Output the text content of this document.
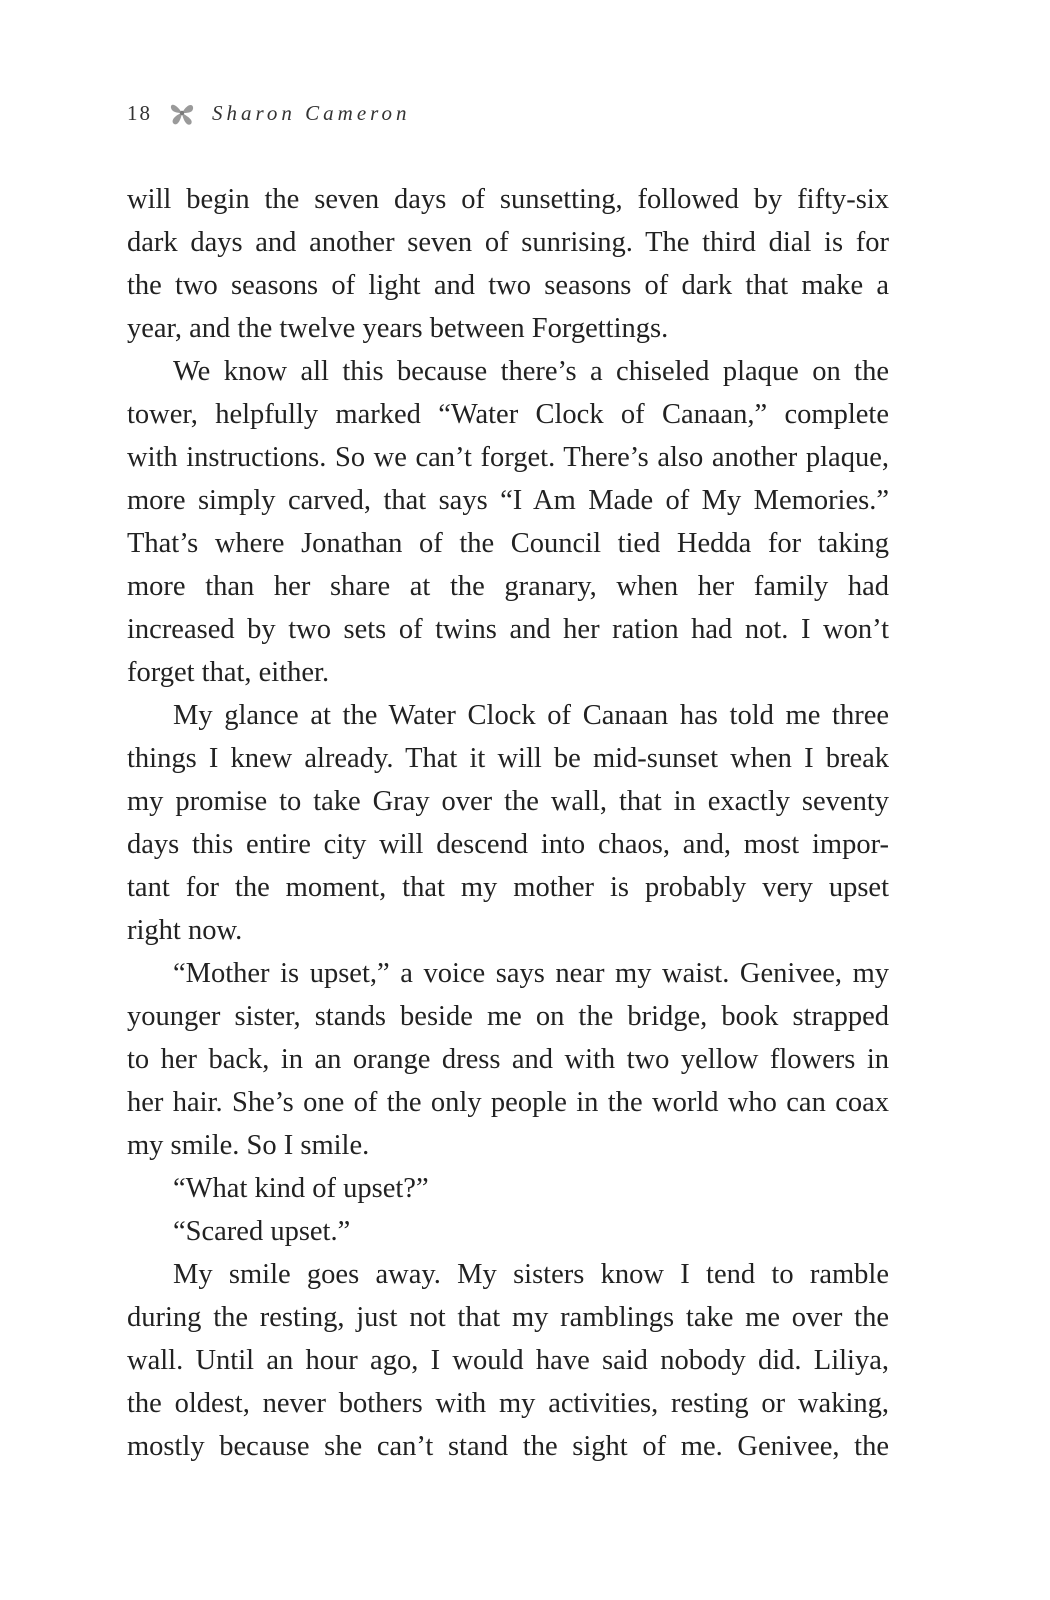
18	Sharon Cameron
will begin the seven days of sunsetting, followed by fifty-six
dark days and another seven of sunrising. The third dial is for
the two seasons of light and two seasons of dark that make a
year, and the twelve years between Forgettings.
We know all this because there’s a chiseled plaque on the
tower, helpfully marked “Water Clock of Canaan,” complete
with instructions. So we can’t forget. There’s also another plaque,
more simply carved, that says “I Am Made of My Memories.”
That’s where Jonathan of the Council tied Hedda for taking
more than her share at the granary, when her family had
increased by two sets of twins and her ration had not. I won’t
forget that, either.
My glance at the Water Clock of Canaan has told me three
things I knew already. That it will be mid-sunset when I break
my promise to take Gray over the wall, that in exactly seventy
days this entire city will descend into chaos, and, most impor-
tant for the moment, that my mother is probably very upset
right now.
“Mother is upset,” a voice says near my waist. Genivee, my
younger sister, stands beside me on the bridge, book strapped
to her back, in an orange dress and with two yellow flowers in
her hair. She’s one of the only people in the world who can coax
my smile. So I smile.
“What kind of upset?”
“Scared upset.”
My smile goes away. My sisters know I tend to ramble
during the resting, just not that my ramblings take me over the
wall. Until an hour ago, I would have said nobody did. Liliya,
the oldest, never bothers with my activities, resting or waking,
mostly because she can’t stand the sight of me. Genivee, the
